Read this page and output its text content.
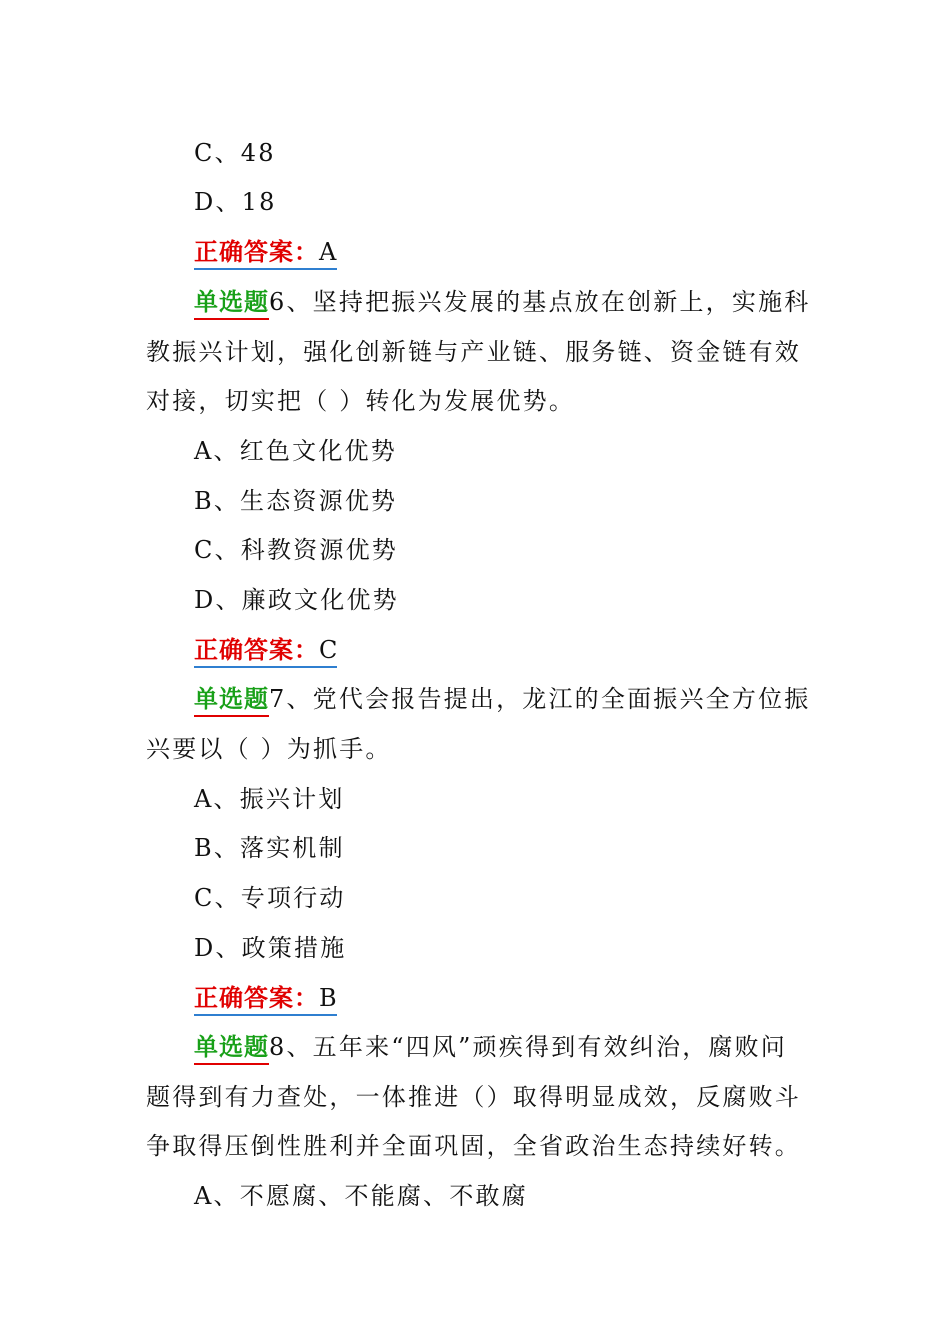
C、48
D、18
正确答案：A
单选题6、坚持把振兴发展的基点放在创新上，实施科
教振兴计划，强化创新链与产业链、服务链、资金链有效
对接，切实把（ ）转化为发展优势。
A、红色文化优势
B、生态资源优势
C、科教资源优势
D、廉政文化优势
正确答案：C
单选题7、党代会报告提出，龙江的全面振兴全方位振
兴要以（ ）为抓手。
A、振兴计划
B、落实机制
C、专项行动
D、政策措施
正确答案：B
单选题8、五年来“四风”顽疾得到有效纠治，腐败问
题得到有力查处，一体推进（）取得明显成效，反腐败斗
争取得压倒性胜利并全面巩固，全省政治生态持续好转。
A、不愿腐、不能腐、不敢腐
